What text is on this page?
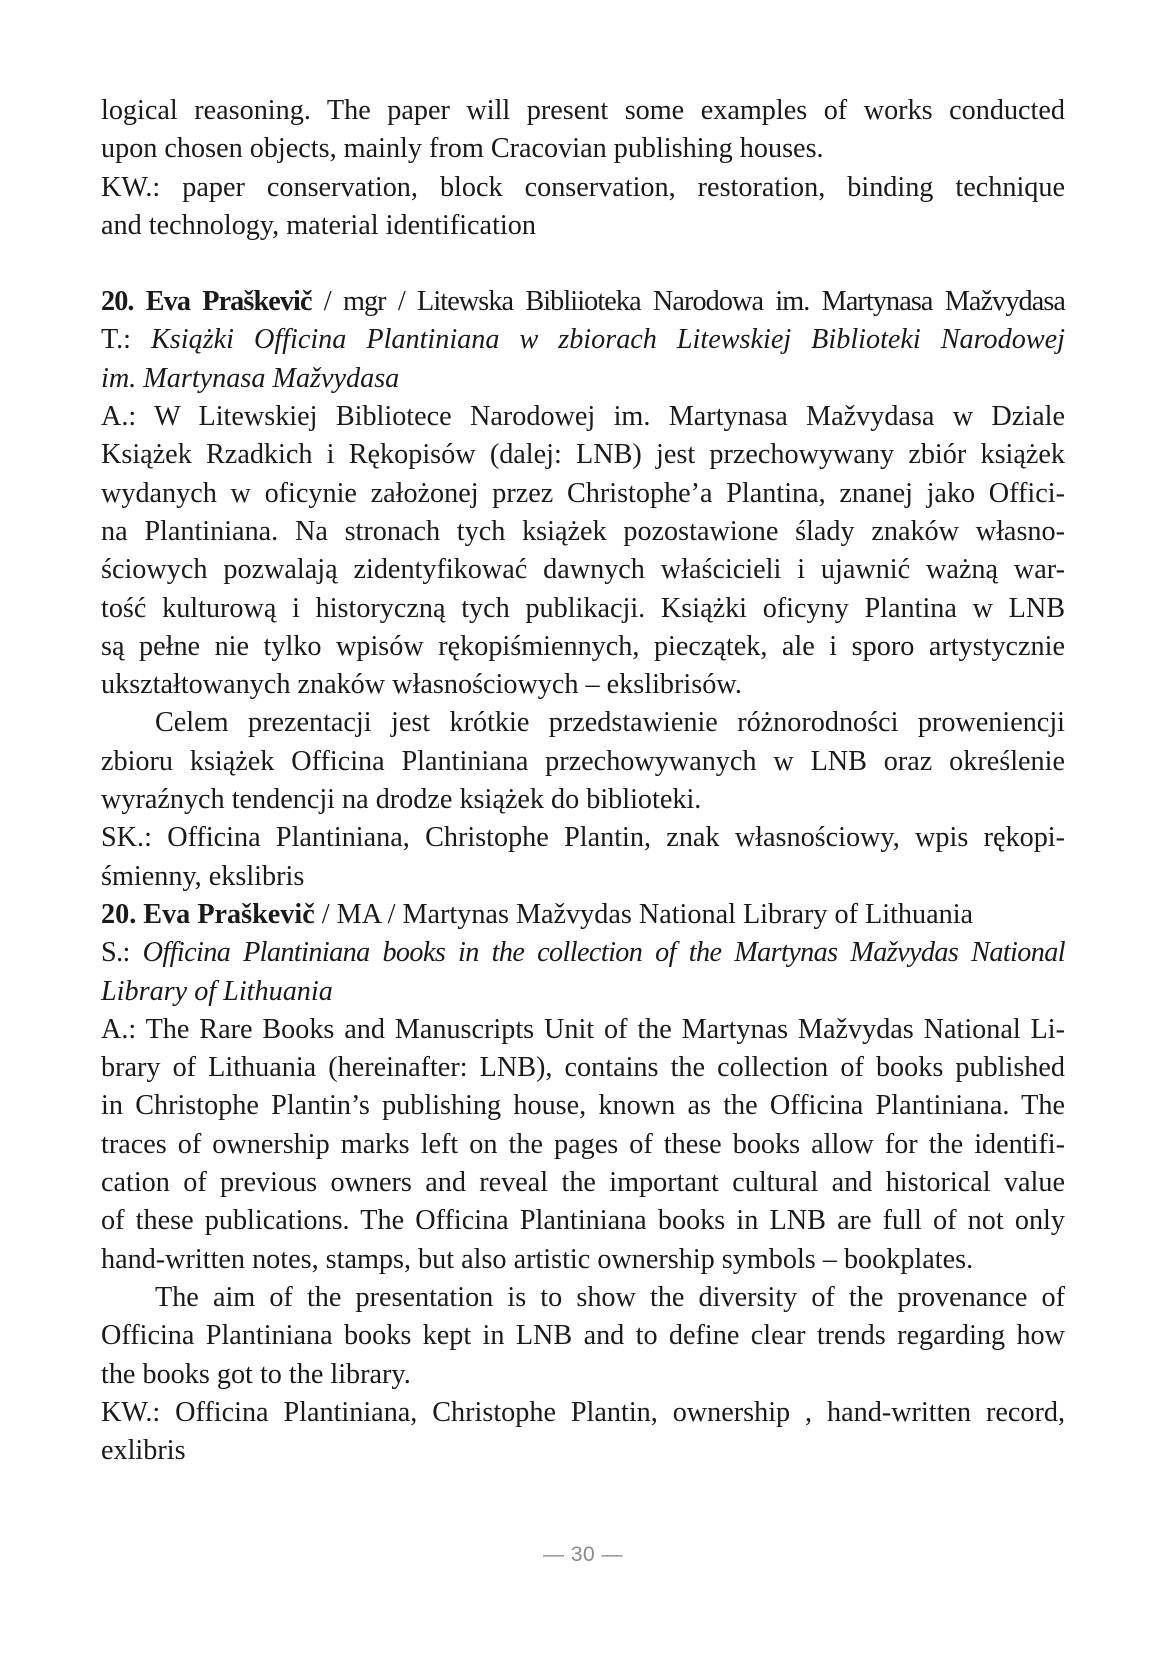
logical reasoning. The paper will present some examples of works conducted
upon chosen objects, mainly from Cracovian publishing houses.
KW.: paper conservation, block conservation, restoration, binding technique
and technology, material identification
20. Eva Praškevič / mgr / Litewska Bibliioteka Narodowa im. Martynasa Mažvydasa
T.: Książki Officina Plantiniana w zbiorach Litewskiej Biblioteki Narodowej
im. Martynasa Mažvydasa
A.: W Litewskiej Bibliotece Narodowej im. Martynasa Mažvydasa w Dziale
Książek Rzadkich i Rękopisów (dalej: LNB) jest przechowywany zbiór książek
wydanych w oficynie założonej przez Christophe’a Plantina, znanej jako Offici-
na Plantiniana. Na stronach tych książek pozostawione ślady znaków własno-
ściowych pozwalają zidentyfikować dawnych właścicieli i ujawnić ważną war-
tość kulturową i historyczną tych publikacji. Książki oficyny Plantina w LNB
są pełne nie tylko wpisów rękopiśmiennych, pieczątek, ale i sporo artystycznie
ukształtowanych znaków własnościowych – ekslibrisów.
Celem prezentacji jest krótkie przedstawienie różnorodności proweniencji
zbioru książek Officina Plantiniana przechowywanych w LNB oraz określenie
wyraźnych tendencji na drodze książek do biblioteki.
SK.: Officina Plantiniana, Christophe Plantin, znak własnościowy, wpis rękopi-
śmienny, ekslibris
20. Eva Praškevič / MA / Martynas Mažvydas National Library of Lithuania
S.: Officina Plantiniana books in the collection of the Martynas Mažvydas National
Library of Lithuania
A.: The Rare Books and Manuscripts Unit of the Martynas Mažvydas National Li-
brary of Lithuania (hereinafter: LNB), contains the collection of books published
in Christophe Plantin’s publishing house, known as the Officina Plantiniana. The
traces of ownership marks left on the pages of these books allow for the identifi-
cation of previous owners and reveal the important cultural and historical value
of these publications. The Officina Plantiniana books in LNB are full of not only
hand-written notes, stamps, but also artistic ownership symbols – bookplates.
The aim of the presentation is to show the diversity of the provenance of
Officina Plantiniana books kept in LNB and to define clear trends regarding how
the books got to the library.
KW.: Officina Plantiniana, Christophe Plantin, ownership , hand-written record,
exlibris
— 30 —
